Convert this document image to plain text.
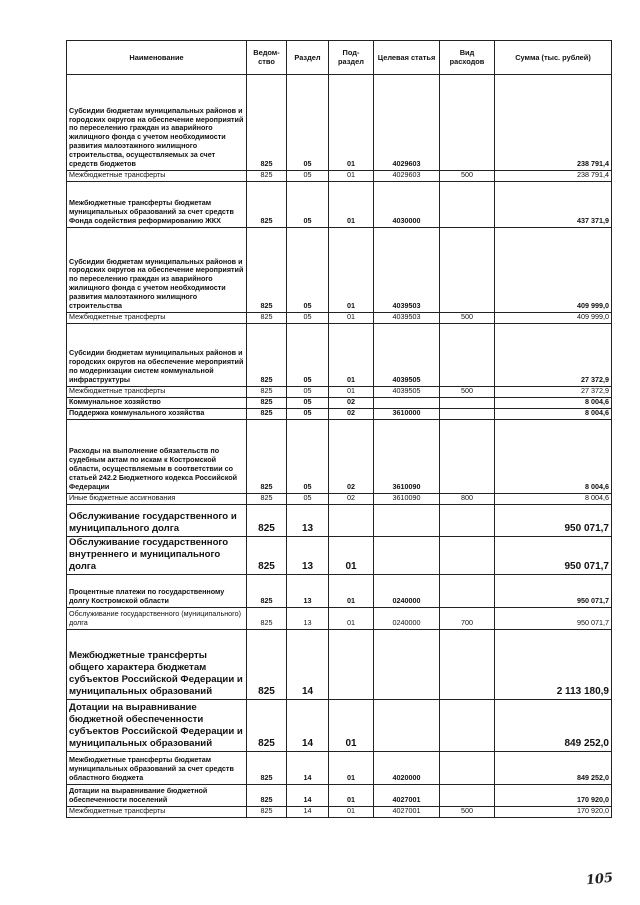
Наименование	Ведом-ство	Раздел	Под-раздел	Целевая статья	Вид расходов	Сумма (тыс. рублей)
Субсидии бюджетам муниципальных районов и городских округов на обеспечение мероприятий по переселению граждан из аварийного жилищного фонда с учетом необходимости развития малоэтажного жилищного строительства, осуществляемых за счет средств бюджетов	825	05	01	4029603		238 791,4
Межбюджетные трансферты	825	05	01	4029603	500	238 791,4
Межбюджетные трансферты бюджетам муниципальных образований за счет средств Фонда содействия реформированию ЖКХ	825	05	01	4030000		437 371,9
Субсидии бюджетам муниципальных районов и городских округов на обеспечение мероприятий по переселению граждан из аварийного жилищного фонда с учетом необходимости развития малоэтажного жилищного строительства	825	05	01	4039503		409 999,0
Межбюджетные трансферты	825	05	01	4039503	500	409 999,0
Субсидии бюджетам муниципальных районов и городских округов на обеспечение мероприятий по модернизации систем коммунальной инфраструктуры	825	05	01	4039505		27 372,9
Межбюджетные трансферты	825	05	01	4039505	500	27 372,9
Коммунальное хозяйство	825	05	02			8 004,6
Поддержка коммунального хозяйства	825	05	02	3610000		8 004,6
Расходы на выполнение обязательств по судебным актам по искам к Костромской области, осуществляемым в соответствии со статьей 242.2 Бюджетного кодекса Российской Федерации	825	05	02	3610090		8 004,6
Иные бюджетные ассигнования	825	05	02	3610090	800	8 004,6
Обслуживание государственного и муниципального долга	825	13				950 071,7
Обслуживание государственного внутреннего и муниципального долга	825	13	01			950 071,7
Процентные платежи по государственному долгу Костромской области	825	13	01	0240000		950 071,7
Обслуживание государственного (муниципального) долга	825	13	01	0240000	700	950 071,7
Межбюджетные трансферты общего характера бюджетам субъектов Российской Федерации и муниципальных образований	825	14				2 113 180,9
Дотации на выравнивание бюджетной обеспеченности субъектов Российской Федерации и муниципальных образований	825	14	01			849 252,0
Межбюджетные трансферты бюджетам муниципальных образований за счет средств областного бюджета	825	14	01	4020000		849 252,0
Дотации на выравнивание бюджетной обеспеченности поселений	825	14	01	4027001		170 920,0
Межбюджетные трансферты	825	14	01	4027001	500	170 920,0
105
